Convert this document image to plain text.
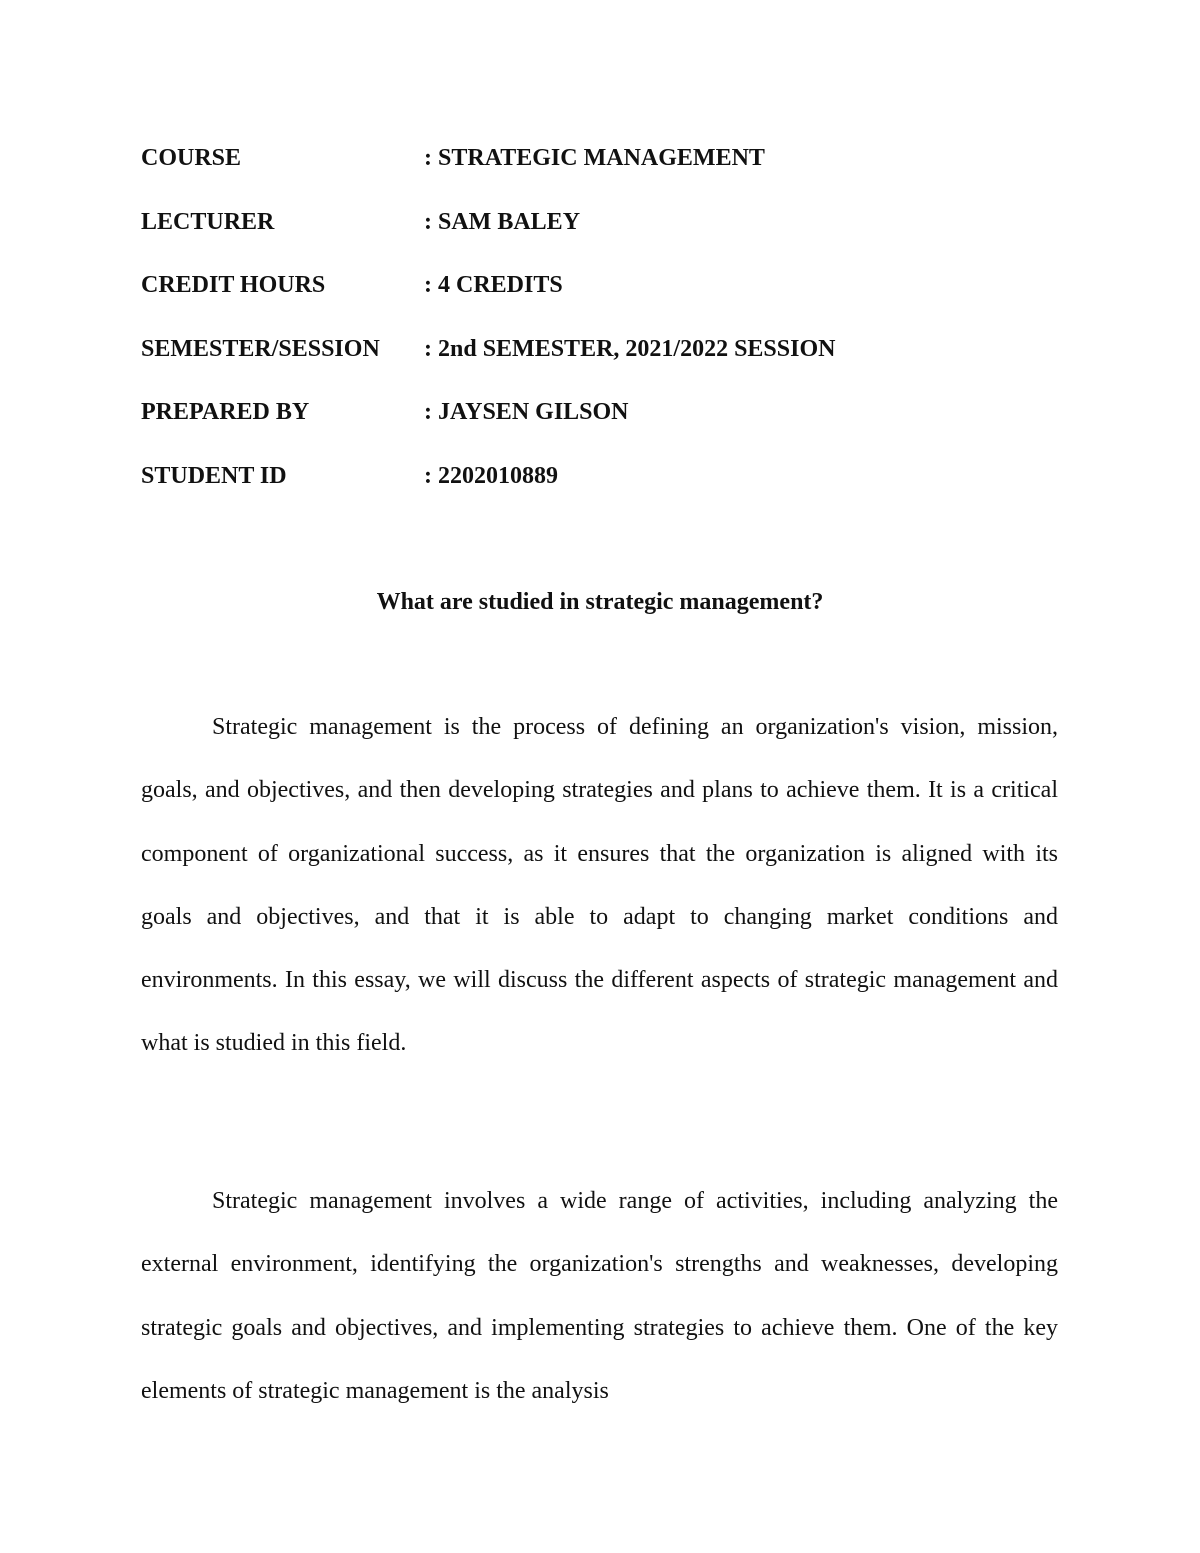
COURSE	: STRATEGIC MANAGEMENT
LECTURER	: SAM BALEY
CREDIT HOURS	: 4 CREDITS
SEMESTER/SESSION	: 2nd SEMESTER, 2021/2022 SESSION
PREPARED BY	: JAYSEN GILSON
STUDENT ID	: 2202010889
What are studied in strategic management?

Strategic management is the process of defining an organization's vision, mission, goals, and objectives, and then developing strategies and plans to achieve them. It is a critical component of organizational success, as it ensures that the organization is aligned with its goals and objectives, and that it is able to adapt to changing market conditions and environments. In this essay, we will discuss the different aspects of strategic management and what is studied in this field.

Strategic management involves a wide range of activities, including analyzing the external environment, identifying the organization's strengths and weaknesses, developing strategic goals and objectives, and implementing strategies to achieve them. One of the key elements of strategic management is the analysis
